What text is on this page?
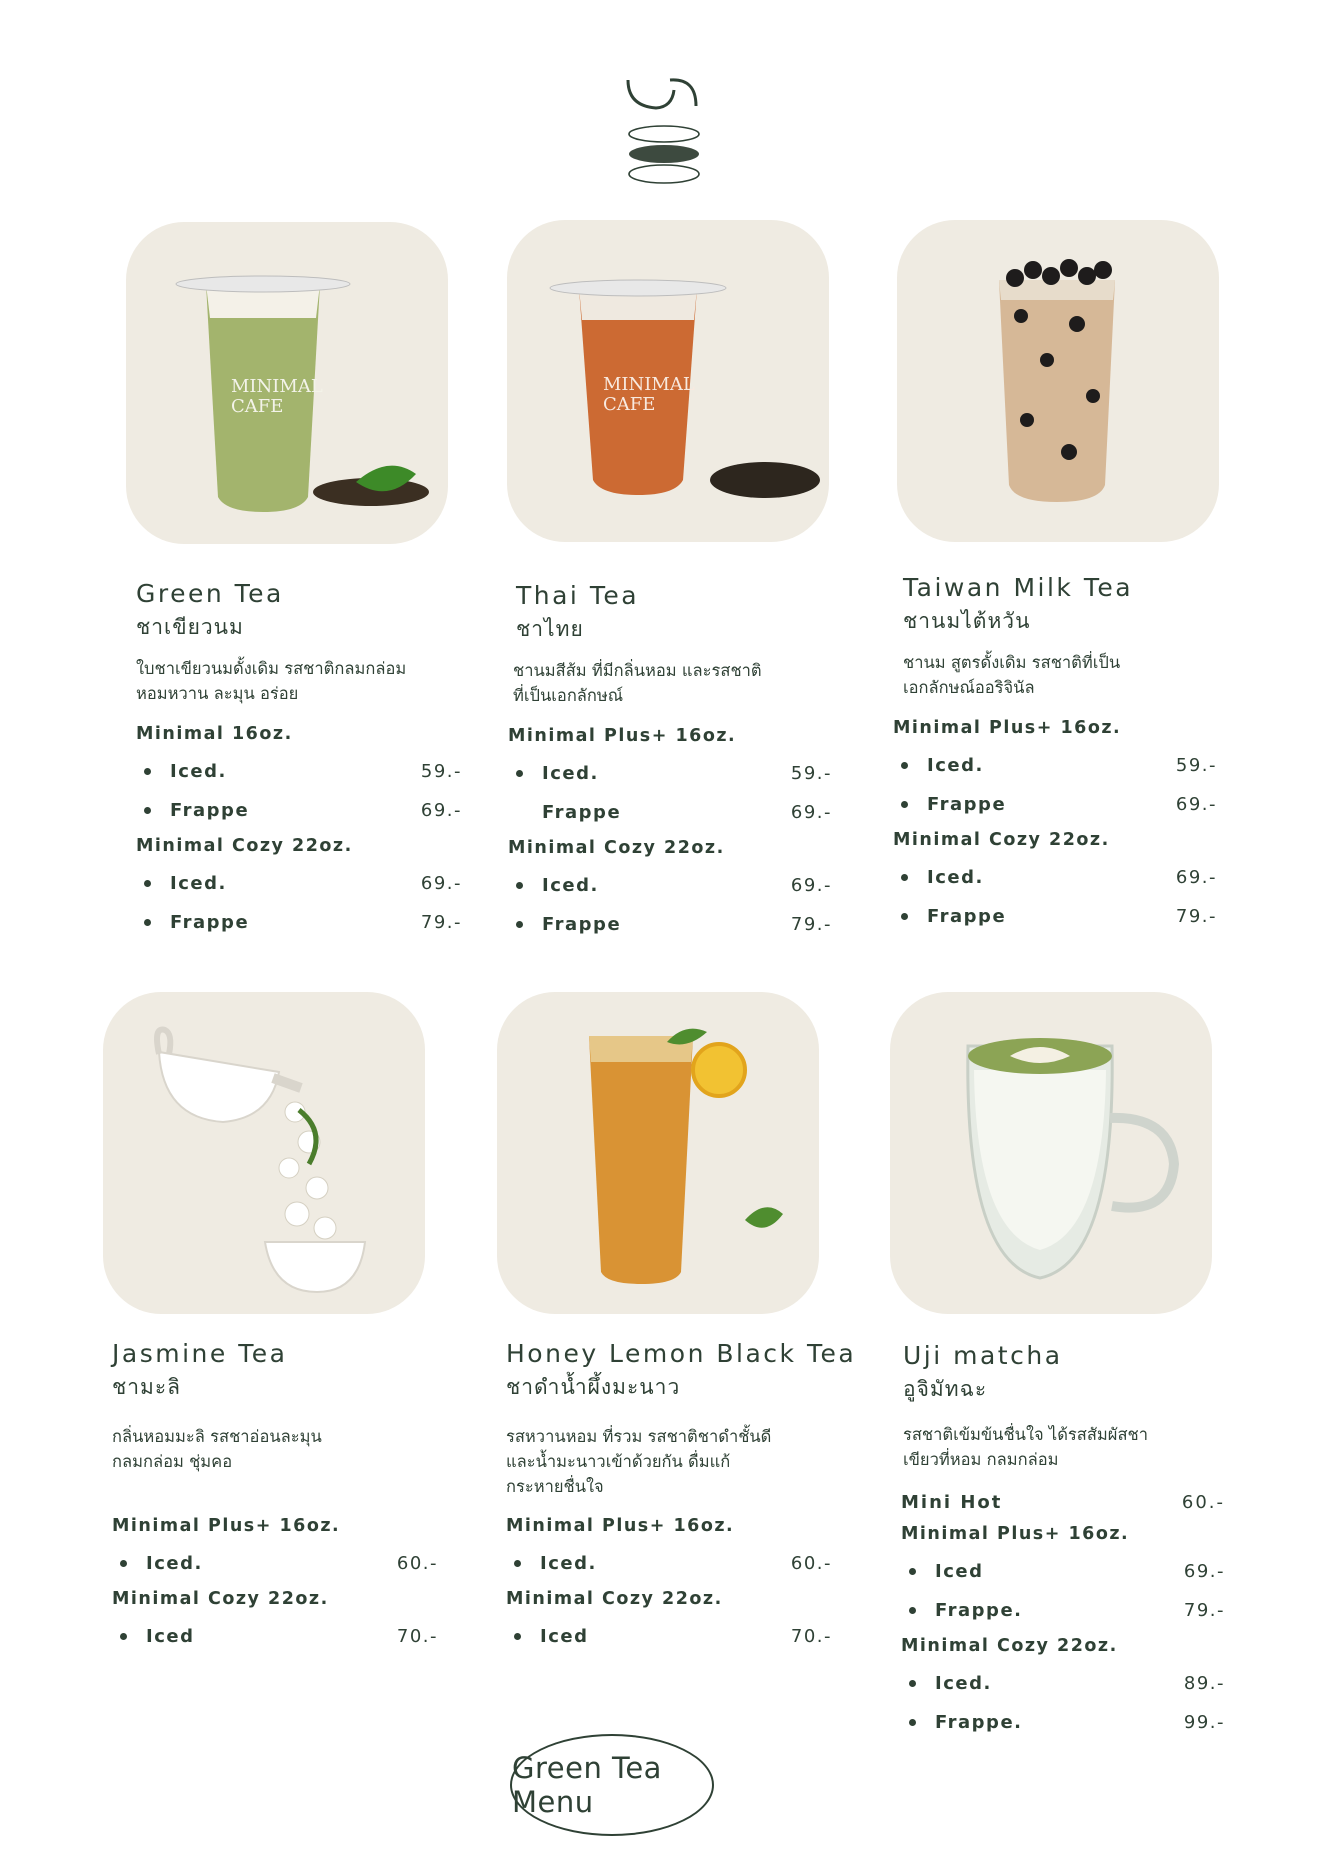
MINIMAL
CAFE
MINIMAL
CAFE
Green Tea
ชาเขียวนม
ใบชาเขียวนมดั้งเดิม รสชาติกลมกล่อม
หอมหวาน ละมุน อร่อย
Minimal 16oz.
Iced.	59.-
Frappe	69.-
Minimal Cozy 22oz.
Iced.	69.-
Frappe	79.-
Thai Tea
ชาไทย
ชานมสีส้ม ที่มีกลิ่นหอม และรสชาติ
ที่เป็นเอกลักษณ์
Minimal Plus+ 16oz.
Iced.	59.-
Frappe	69.-
Minimal Cozy 22oz.
Iced.	69.-
Frappe	79.-
Taiwan Milk Tea
ชานมไต้หวัน
ชานม สูตรดั้งเดิม รสชาติที่เป็น
เอกลักษณ์ออริจินัล
Minimal Plus+ 16oz.
Iced.	59.-
Frappe	69.-
Minimal Cozy 22oz.
Iced.	69.-
Frappe	79.-
Jasmine Tea
ชามะลิ
กลิ่นหอมมะลิ รสชาอ่อนละมุน
กลมกล่อม ชุ่มคอ
Minimal Plus+ 16oz.
Iced.	60.-
Minimal Cozy 22oz.
Iced	70.-
Honey Lemon Black Tea
ชาดำน้ำผึ้งมะนาว
รสหวานหอม ที่รวม รสชาติชาดำชั้นดี
และน้ำมะนาวเข้าด้วยกัน ดื่มแก้
กระหายชื่นใจ
Minimal Plus+ 16oz.
Iced.	60.-
Minimal Cozy 22oz.
Iced	70.-
Uji matcha
อูจิมัทฉะ
รสชาติเข้มข้นชื่นใจ ได้รสสัมผัสชา
เขียวที่หอม กลมกล่อม
Mini Hot	60.-
Minimal Plus+ 16oz.
Iced	69.-
Frappe.	79.-
Minimal Cozy 22oz.
Iced.	89.-
Frappe.	99.-
Green Tea Menu
